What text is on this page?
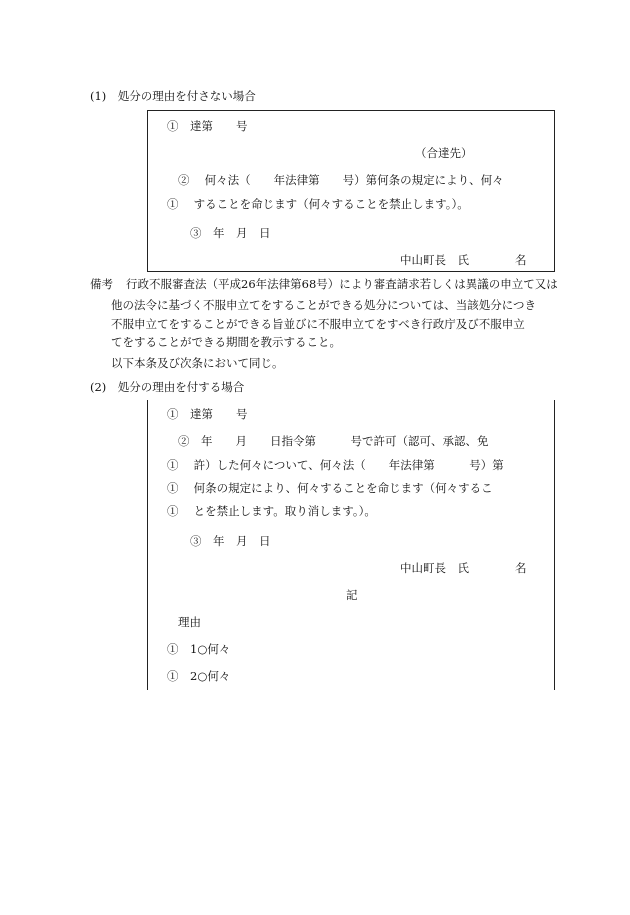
(1)　処分の理由を付さない場合
①　達第　　号
（合達先）
②　 何々法（　　年法律第　　号）第何条の規定により、何々
①　 することを命じます（何々することを禁止します。）。
③　年　月　日
中山町長　氏　　　　名
備考 行政不服審査法（平成26年法律第68号）により審査請求若しくは異議の申立て又は
他の法令に基づく不服申立てをすることができる処分については、当該処分につき
不服申立てをすることができる旨並びに不服申立てをすべき行政庁及び不服申立
てをすることができる期間を教示すること。
以下本条及び次条において同じ。
(2)　処分の理由を付する場合
①　達第　　号
②　年　　月　　日指令第　　　号で許可（認可、承認、免
①　 許）した何々について、何々法（　　年法律第　　　号）第
①　 何条の規定により、何々することを命じます（何々するこ
①　 とを禁止します。取り消します。）。
③　年　月　日
中山町長　氏　　　　名
記
理由
①　1○何々
①　2○何々
